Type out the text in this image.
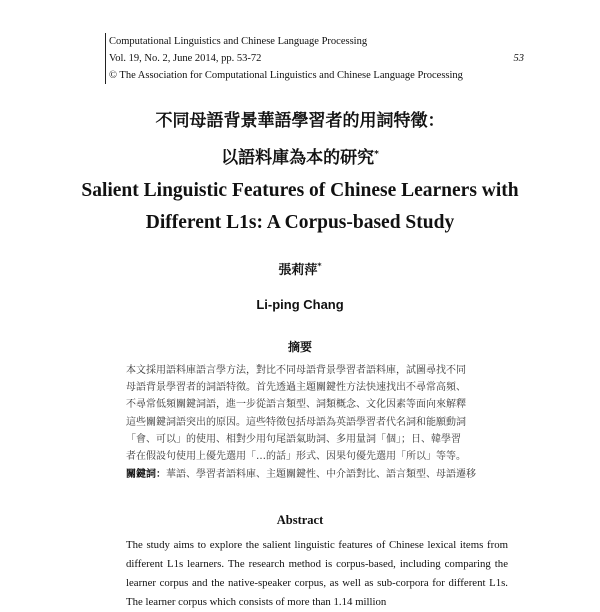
Computational Linguistics and Chinese Language Processing
Vol. 19, No. 2, June 2014, pp. 53-72	53
© The Association for Computational Linguistics and Chinese Language Processing
不同母語背景華語學習者的用詞特徵：
以語料庫為本的研究*
Salient Linguistic Features of Chinese Learners with
Different L1s: A Corpus-based Study
張莉萍*
Li-ping Chang
摘要
本文採用語料庫語言學方法，對比不同母語背景學習者語料庫，試圖尋找不同
母語背景學習者的詞語特徵。首先透過主題關鍵性方法快速找出不尋常高頻、
不尋常低頻關鍵詞語，進一步從語言類型、詞類概念、文化因素等面向來解釋
這些關鍵詞語突出的原因。這些特徵包括母語為英語學習者代名詞和能願動詞
「會、可以」的使用、相對少用句尾語氣助詞、多用量詞「個」；日、韓學習
者在假設句使用上優先選用「…的話」形式、因果句優先選用「所以」等等。
關鍵詞：華語、學習者語料庫、主題關鍵性、中介語對比、語言類型、母語遷移
Abstract
The study aims to explore the salient linguistic features of Chinese lexical items from different L1s learners. The research method is corpus-based, including comparing the learner corpus and the native-speaker corpus, as well as sub-corpora for different L1s. The learner corpus which consists of more than 1.14 million
